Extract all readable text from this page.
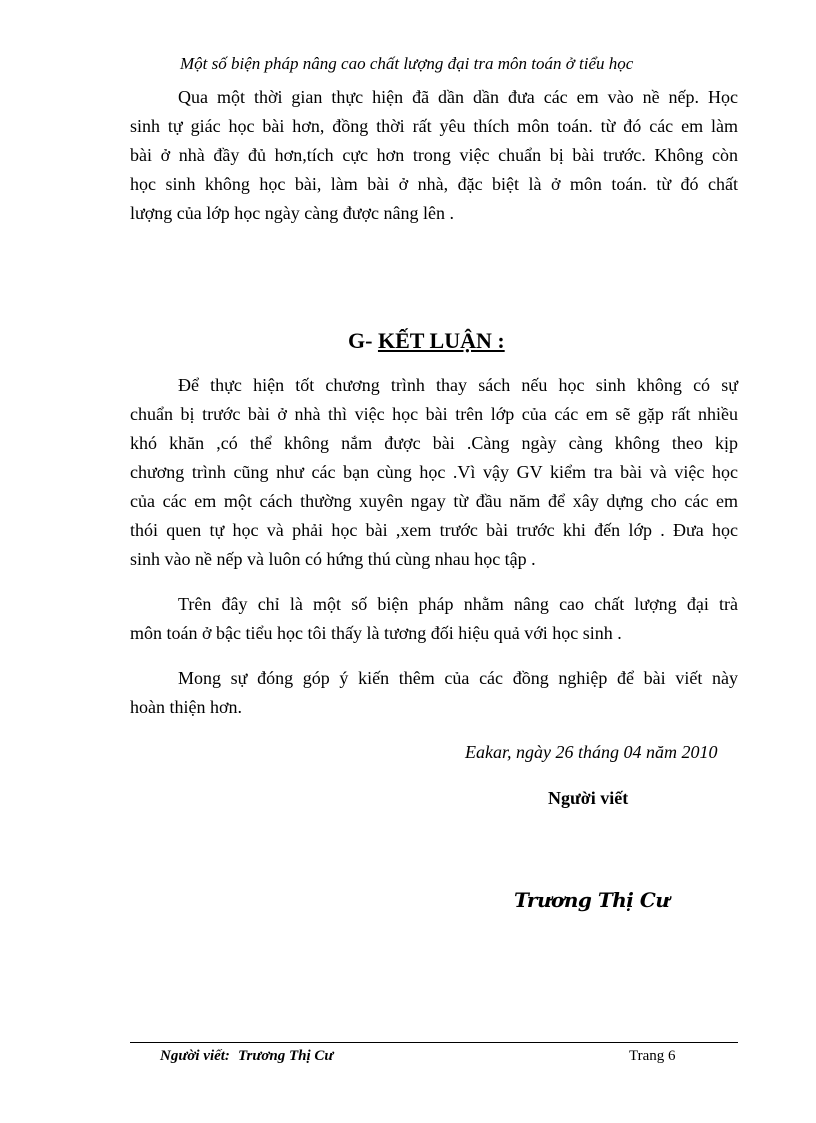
Một số biện pháp nâng cao chất lượng đại tra môn toán ở tiểu học
Qua một thời gian thực hiện đã dần dần đưa các em vào nề nếp. Học
sinh tự giác học bài hơn, đồng thời rất yêu thích môn toán. từ đó các em làm
bài ở nhà đầy đủ hơn,tích cực hơn trong việc chuẩn bị bài trước. Không còn
học sinh không học bài, làm bài ở nhà, đặc biệt là ở môn toán. từ đó chất
lượng của lớp học ngày càng được nâng lên .
G- KẾT LUẬN :
Để thực hiện tốt chương trình thay sách nếu học sinh không có sự
chuẩn bị trước bài ở nhà thì việc học bài trên lớp của các em sẽ gặp rất nhiều
khó khăn ,có thể không nắm được bài .Càng ngày càng không theo kịp
chương trình cũng như các bạn cùng học .Vì vậy GV kiểm tra bài và việc học
của các em một cách thường xuyên ngay từ đầu năm để xây dựng cho các em
thói quen tự học và phải học bài ,xem trước bài trước khi đến lớp . Đưa học
sinh vào nề nếp và luôn có hứng thú cùng nhau học tập .
Trên đây chỉ là một số biện pháp nhằm nâng cao chất lượng đại trà
môn toán ở bậc tiểu học tôi thấy là tương đối hiệu quả với học sinh .
Mong sự đóng góp ý kiến thêm của các đồng nghiệp để bài viết này
hoàn thiện hơn.
Eakar, ngày 26 tháng 04 năm 2010
Người viết
Trương Thị Cư
Người viết: Trương Thị Cư	Trang 6
